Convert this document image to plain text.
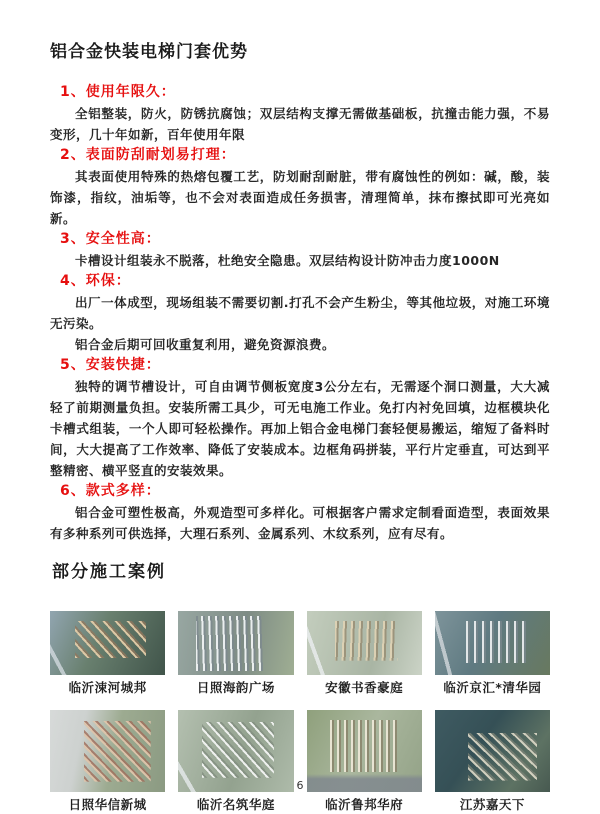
铝合金快装电梯门套优势
1、使用年限久：

全铝整装，防火，防锈抗腐蚀；双层结构支撑无需做基础板，抗撞击能力强，不易变形，几十年如新，百年使用年限

2、表面防刮耐划易打理：

其表面使用特殊的热熔包覆工艺，防划耐刮耐脏，带有腐蚀性的例如：碱，酸，装饰漆，指纹，油垢等，也不会对表面造成任务损害，清理简单，抹布擦拭即可光亮如新。

3、安全性高：

卡槽设计组装永不脱落，杜绝安全隐患。双层结构设计防冲击力度1000N

4、环保：

出厂一体成型，现场组装不需要切割.打孔不会产生粉尘，等其他垃圾，对施工环境无污染。

铝合金后期可回收重复利用，避免资源浪费。

5、安装快捷：

独特的调节槽设计，可自由调节侧板宽度3公分左右，无需逐个洞口测量，大大减轻了前期测量负担。安装所需工具少，可无电施工作业。免打内衬免回填，边框模块化卡槽式组装，一个人即可轻松操作。再加上铝合金电梯门套轻便易搬运，缩短了备料时间，大大提高了工作效率、降低了安装成本。边框角码拼装，平行片定垂直，可达到平整精密、横平竖直的安装效果。

6、款式多样：

铝合金可塑性极高，外观造型可多样化。可根据客户需求定制看面造型，表面效果有多种系列可供选择，大理石系列、金属系列、木纹系列，应有尽有。

部分施工案例
临沂涑河城邦	日照海韵广场	安徽书香豪庭	临沂京汇*清华园
日照华信新城	临沂名筑华庭	临沂鲁邦华府	江苏嘉天下
6
